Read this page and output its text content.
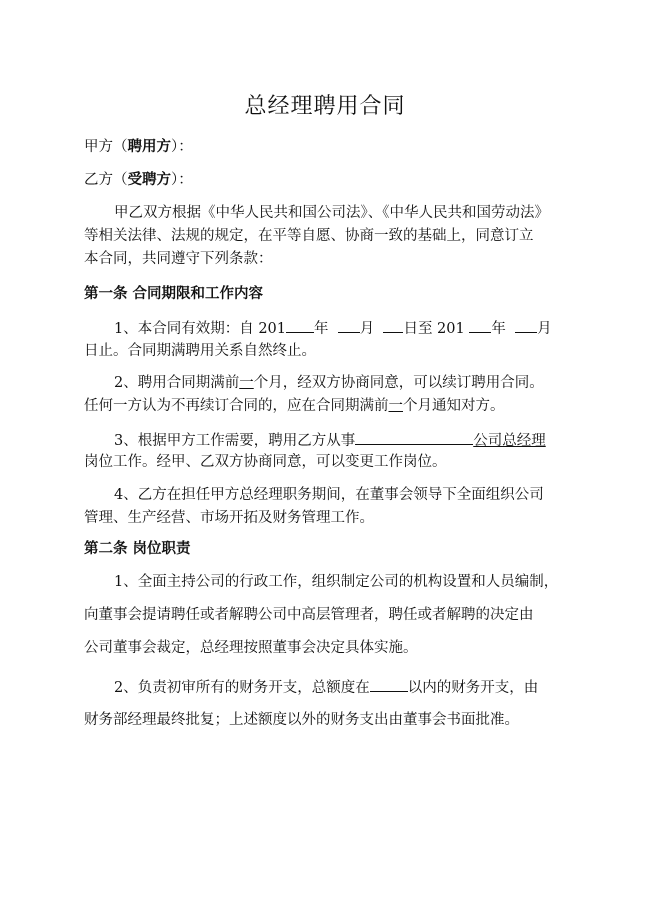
总经理聘用合同
甲方（聘用方）：
乙方（受聘方）：
甲乙双方根据《中华人民共和国公司法》、《中华人民共和国劳动法》
等相关法律、法规的规定，在平等自愿、协商一致的基础上，同意订立
本合同，共同遵守下列条款：
第一条 合同期限和工作内容
1、本合同有效期：自 201 年 月 日至 201 年 月
日止。合同期满聘用关系自然终止。
2、聘用合同期满前一个月，经双方协商同意，可以续订聘用合同。
任何一方认为不再续订合同的，应在合同期满前一个月通知对方。
3、根据甲方工作需要，聘用乙方从事	公司总经理
岗位工作。经甲、乙双方协商同意，可以变更工作岗位。
4、乙方在担任甲方总经理职务期间，在董事会领导下全面组织公司
管理、生产经营、市场开拓及财务管理工作。
第二条 岗位职责
1、全面主持公司的行政工作，组织制定公司的机构设置和人员编制，
向董事会提请聘任或者解聘公司中高层管理者，聘任或者解聘的决定由
公司董事会裁定，总经理按照董事会决定具体实施。
2、负责初审所有的财务开支，总额度在	以内的财务开支，由
财务部经理最终批复；上述额度以外的财务支出由董事会书面批准。
